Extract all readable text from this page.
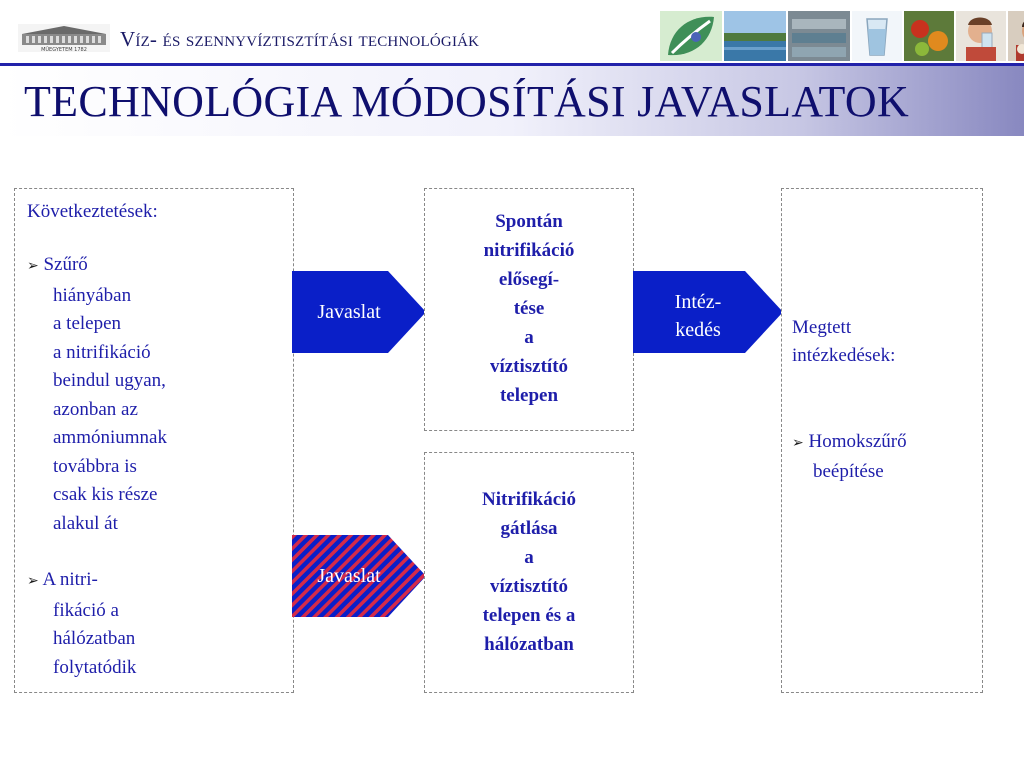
MŰEGYETEM 1782 Víz- és szennyvíztisztítási technológiák
TECHNOLÓGIA MÓDOSÍTÁSI JAVASLATOK
Következtetések:

➢ Szűrő
hiányában
a telepen
a nitrifikáció
beindul ugyan,
azonban az
ammóniumnak
továbbra is
csak kis része
alakul át

➢ A nitri-
fikáció a
hálózatban
folytatódik

Javaslat
Javaslat
Spontán
nitrifikáció
elősegí-
tése
a
víztisztító
telepen
Nitrifikáció
gátlása
a
víztisztító
telepen és a
hálózatban
Intéz-
kedés	Megtett
intézkedések:
➢ Homokszűrő
beépítése
